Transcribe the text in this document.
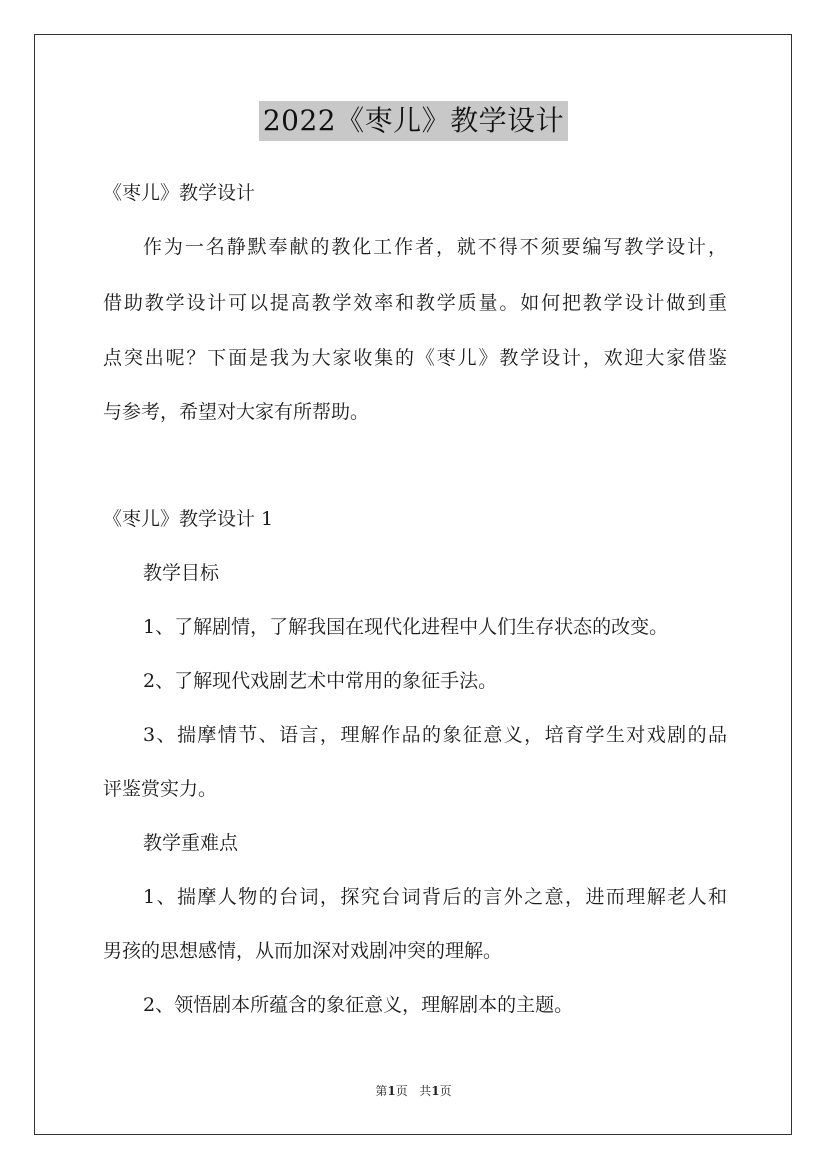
2022《枣儿》教学设计
《枣儿》教学设计
作为一名静默奉献的教化工作者，就不得不须要编写教学设计，
借助教学设计可以提高教学效率和教学质量。如何把教学设计做到重
点突出呢？下面是我为大家收集的《枣儿》教学设计，欢迎大家借鉴
与参考，希望对大家有所帮助。
《枣儿》教学设计 1
教学目标
1、了解剧情，了解我国在现代化进程中人们生存状态的改变。
2、了解现代戏剧艺术中常用的象征手法。
3、揣摩情节、语言，理解作品的象征意义，培育学生对戏剧的品
评鉴赏实力。
教学重难点
1、揣摩人物的台词，探究台词背后的言外之意，进而理解老人和
男孩的思想感情，从而加深对戏剧冲突的理解。
2、领悟剧本所蕴含的象征意义，理解剧本的主题。
第1页 共1页
